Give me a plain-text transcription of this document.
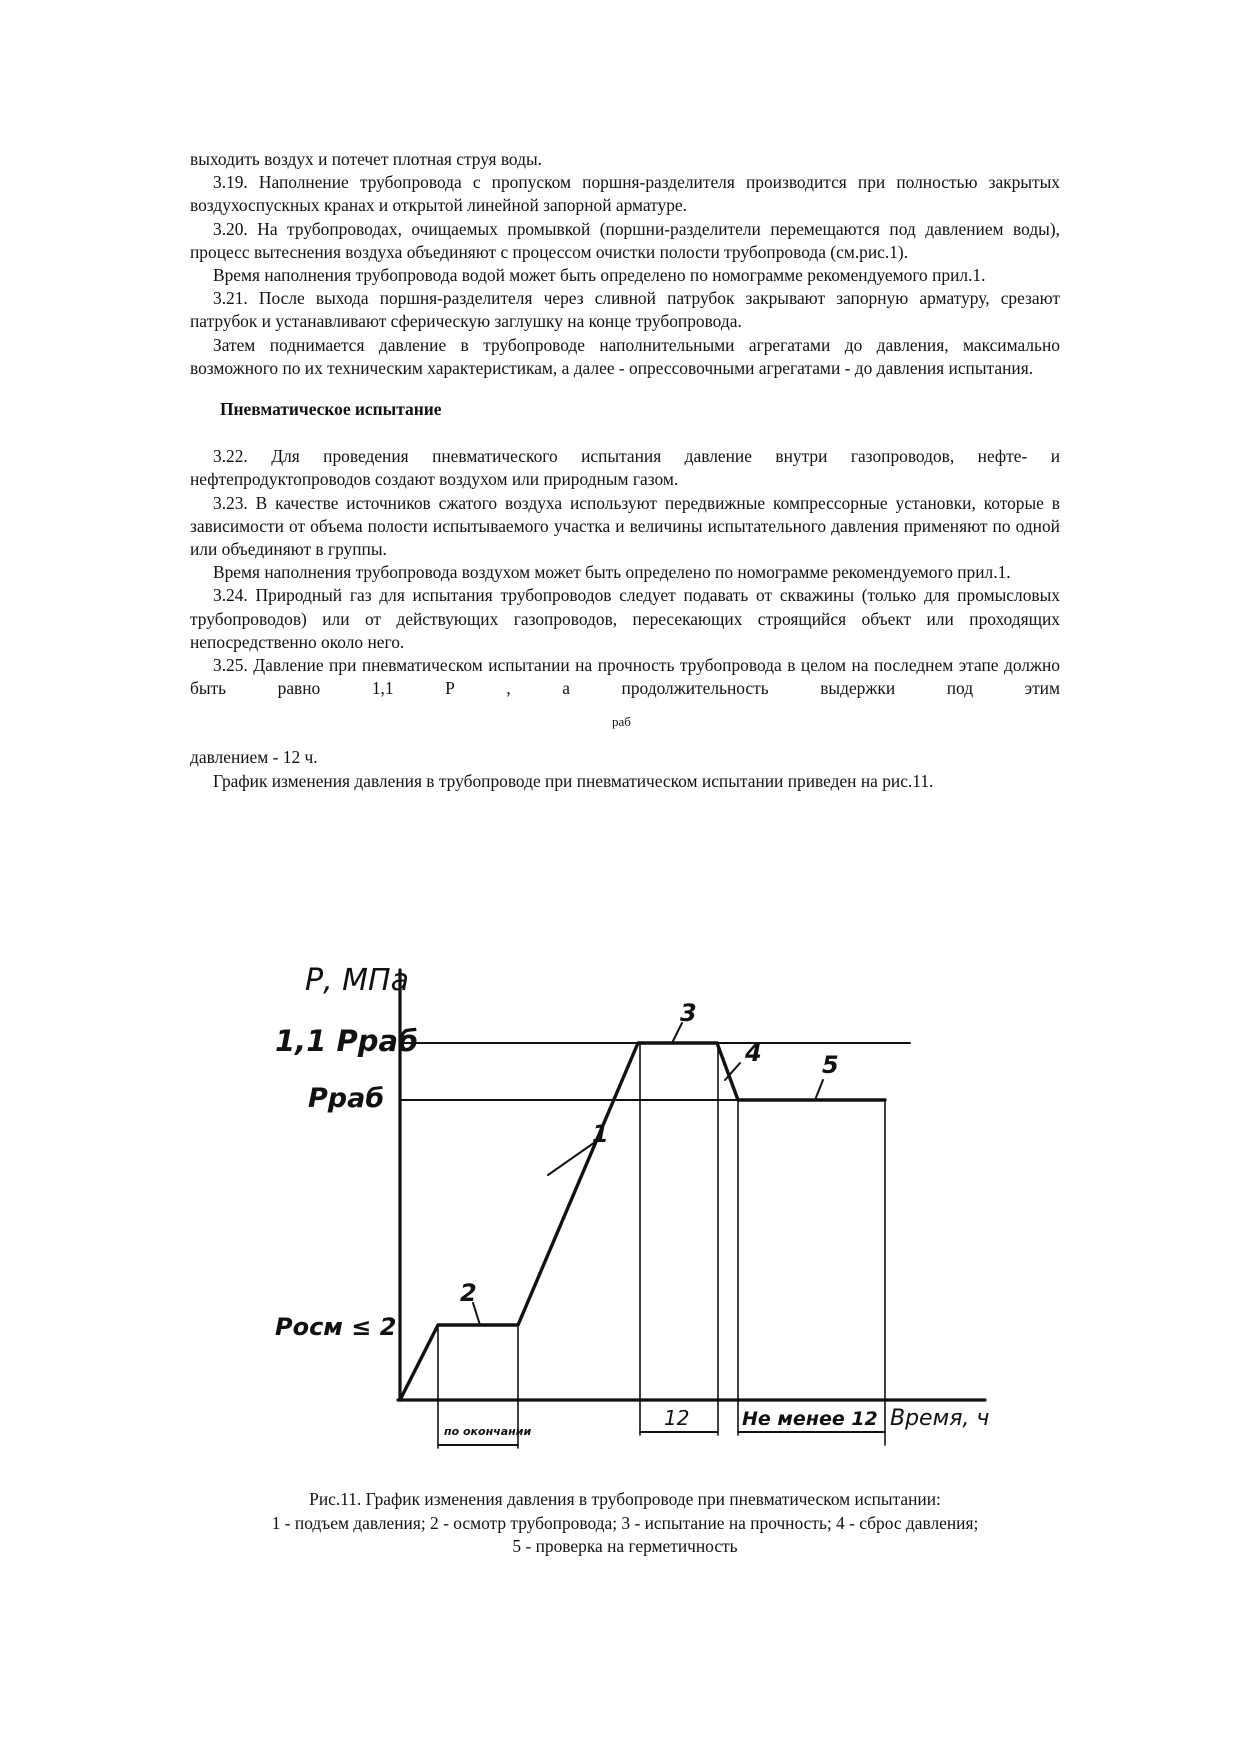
выходить воздух и потечет плотная струя воды.

3.19. Наполнение трубопровода с пропуском поршня-разделителя производится при полностью закрытых воздухоспускных кранах и открытой линейной запорной арматуре.

3.20. На трубопроводах, очищаемых промывкой (поршни-разделители перемещаются под давлением воды), процесс вытеснения воздуха объединяют с процессом очистки полости трубопровода (см.рис.1).

Время наполнения трубопровода водой может быть определено по номограмме рекомендуемого прил.1.

3.21. После выхода поршня-разделителя через сливной патрубок закрывают запорную арматуру, срезают патрубок и устанавливают сферическую заглушку на конце трубопровода.

Затем поднимается давление в трубопроводе наполнительными агрегатами до давления, максимально возможного по их техническим характеристикам, а далее - опрессовочными агрегатами - до давления испытания.

Пневматическое испытание

3.22. Для проведения пневматического испытания давление внутри газопроводов, нефте- и нефтепродуктопроводов создают воздухом или природным газом.

3.23. В качестве источников сжатого воздуха используют передвижные компрессорные установки, которые в зависимости от объема полости испытываемого участка и величины испытательного давления применяют по одной или объединяют в группы.

Время наполнения трубопровода воздухом может быть определено по номограмме рекомендуемого прил.1.

3.24. Природный газ для испытания трубопроводов следует подавать от скважины (только для промысловых трубопроводов) или от действующих газопроводов, пересекающих строящийся объект или проходящих непосредственно около него.

3.25. Давление при пневматическом испытании на прочность трубопровода в целом на последнем этапе должно быть равно 1,1 Р , а продолжительность выдержки под этим

раб

давлением - 12 ч.

График изменения давления в трубопроводе при пневматическом испытании приведен на рис.11.

Р, МПа
1,1 Pраб
Pраб
Pосм ≤ 2
1
2
3
4	5
по окончании
12	Не менее 12 Время, ч
Рис.11. График изменения давления в трубопроводе при пневматическом испытании:
1 - подъем давления; 2 - осмотр трубопровода; 3 - испытание на прочность; 4 - сброс давления;
5 - проверка на герметичность
